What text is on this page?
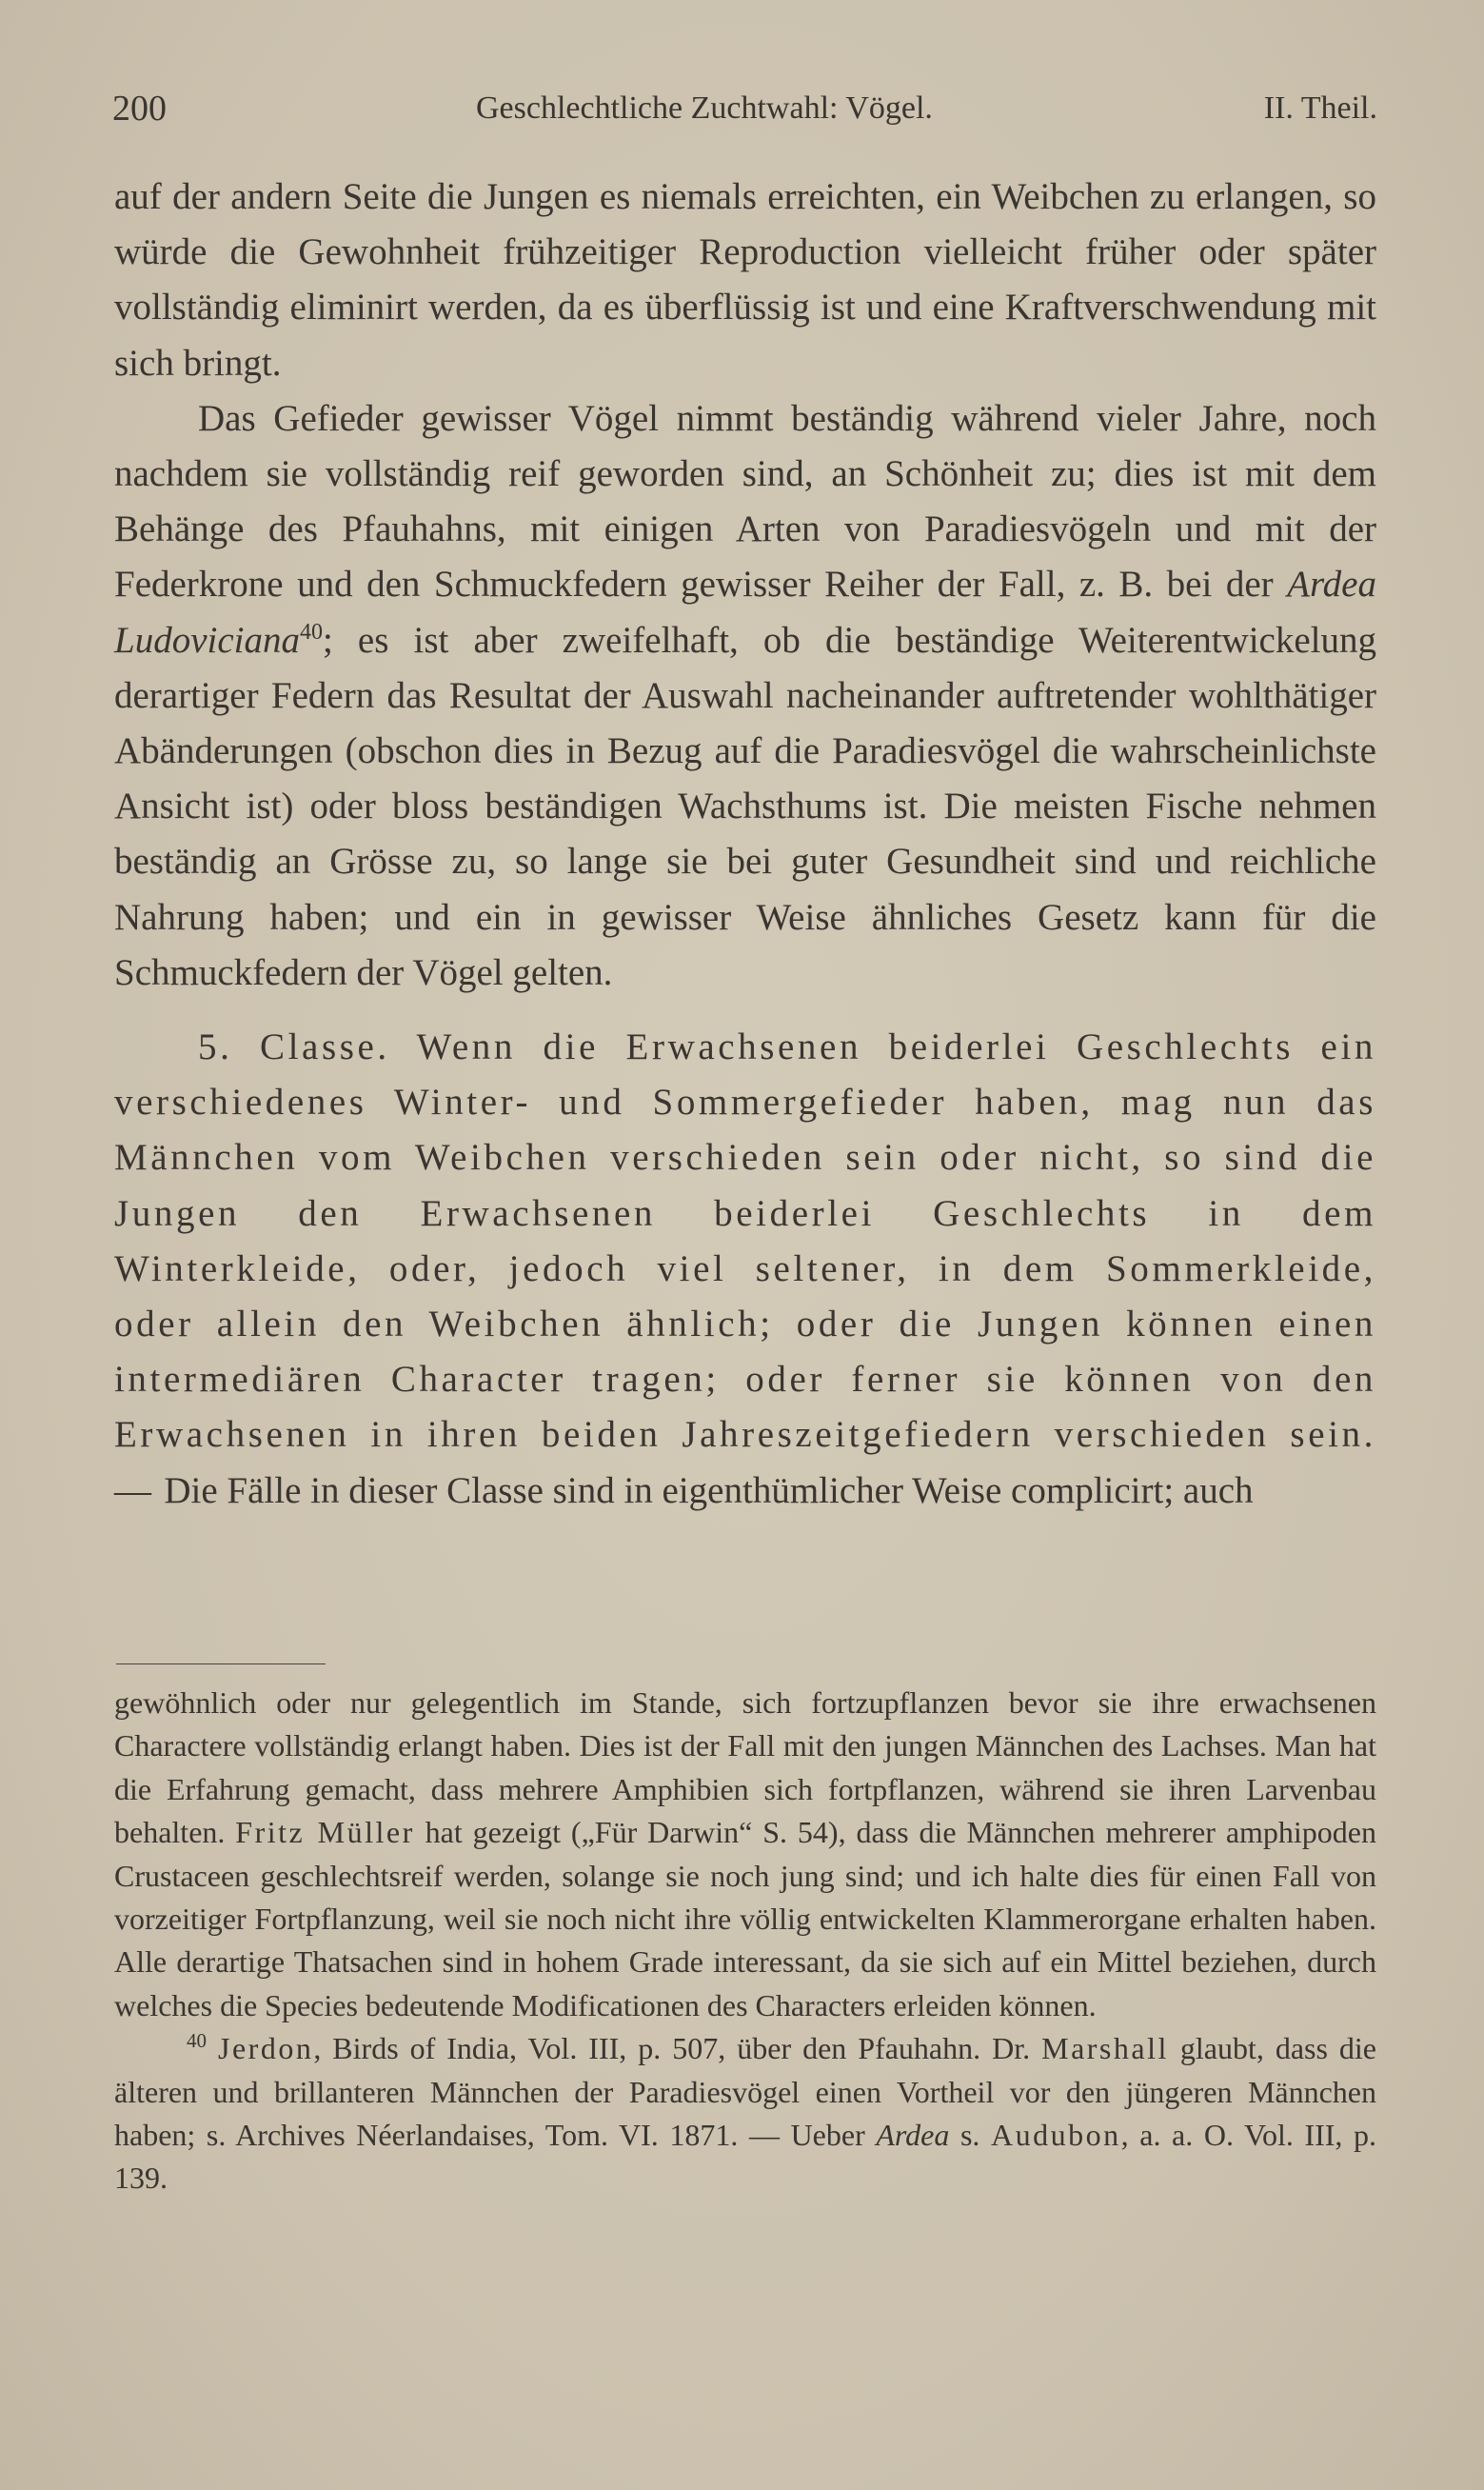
200	Geschlechtliche Zuchtwahl: Vögel.	II. Theil.

auf der andern Seite die Jungen es niemals erreichten, ein Weibchen zu erlangen, so würde die Gewohnheit frühzeitiger Reproduction vielleicht früher oder später vollständig eliminirt werden, da es überflüssig ist und eine Kraftverschwendung mit sich bringt.

Das Gefieder gewisser Vögel nimmt beständig während vieler Jahre, noch nachdem sie vollständig reif geworden sind, an Schönheit zu; dies ist mit dem Behänge des Pfauhahns, mit einigen Arten von Paradiesvögeln und mit der Federkrone und den Schmuckfedern gewisser Reiher der Fall, z. B. bei der Ardea Ludoviciana$^{40}$; es ist aber zweifelhaft, ob die beständige Weiterentwickelung derartiger Federn das Resultat der Auswahl nacheinander auftretender wohlthätiger Abänderungen (obschon dies in Bezug auf die Paradiesvögel die wahrscheinlichste Ansicht ist) oder bloss beständigen Wachsthums ist. Die meisten Fische nehmen beständig an Grösse zu, so lange sie bei guter Gesundheit sind und reichliche Nahrung haben; und ein in gewisser Weise ähnliches Gesetz kann für die Schmuckfedern der Vögel gelten.

5. Classe. Wenn die Erwachsenen beiderlei Geschlechts ein verschiedenes Winter- und Sommergefieder haben, mag nun das Männchen vom Weibchen verschieden sein oder nicht, so sind die Jungen den Erwachsenen beiderlei Geschlechts in dem Winterkleide, oder, jedoch viel seltener, in dem Sommerkleide, oder allein den Weibchen ähnlich; oder die Jungen können einen intermediären Character tragen; oder ferner sie können von den Erwachsenen in ihren beiden Jahreszeitgefiedern verschieden sein. — Die Fälle in dieser Classe sind in eigenthümlicher Weise complicirt; auch

gewöhnlich oder nur gelegentlich im Stande, sich fortzupflanzen bevor sie ihre erwachsenen Charactere vollständig erlangt haben. Dies ist der Fall mit den jungen Männchen des Lachses. Man hat die Erfahrung gemacht, dass mehrere Amphibien sich fortpflanzen, während sie ihren Larvenbau behalten. Fritz Müller hat gezeigt („Für Darwin“ S. 54), dass die Männchen mehrerer amphipoden Crustaceen geschlechtsreif werden, solange sie noch jung sind; und ich halte dies für einen Fall von vorzeitiger Fortpflanzung, weil sie noch nicht ihre völlig entwickelten Klammerorgane erhalten haben. Alle derartige Thatsachen sind in hohem Grade interessant, da sie sich auf ein Mittel beziehen, durch welches die Species bedeutende Modificationen des Characters erleiden können.

$^{40}$ Jerdon, Birds of India, Vol. III, p. 507, über den Pfauhahn. Dr. Marshall glaubt, dass die älteren und brillanteren Männchen der Paradiesvögel einen Vortheil vor den jüngeren Männchen haben; s. Archives Néerlandaises, Tom. VI. 1871. — Ueber Ardea s. Audubon, a. a. O. Vol. III, p. 139.
